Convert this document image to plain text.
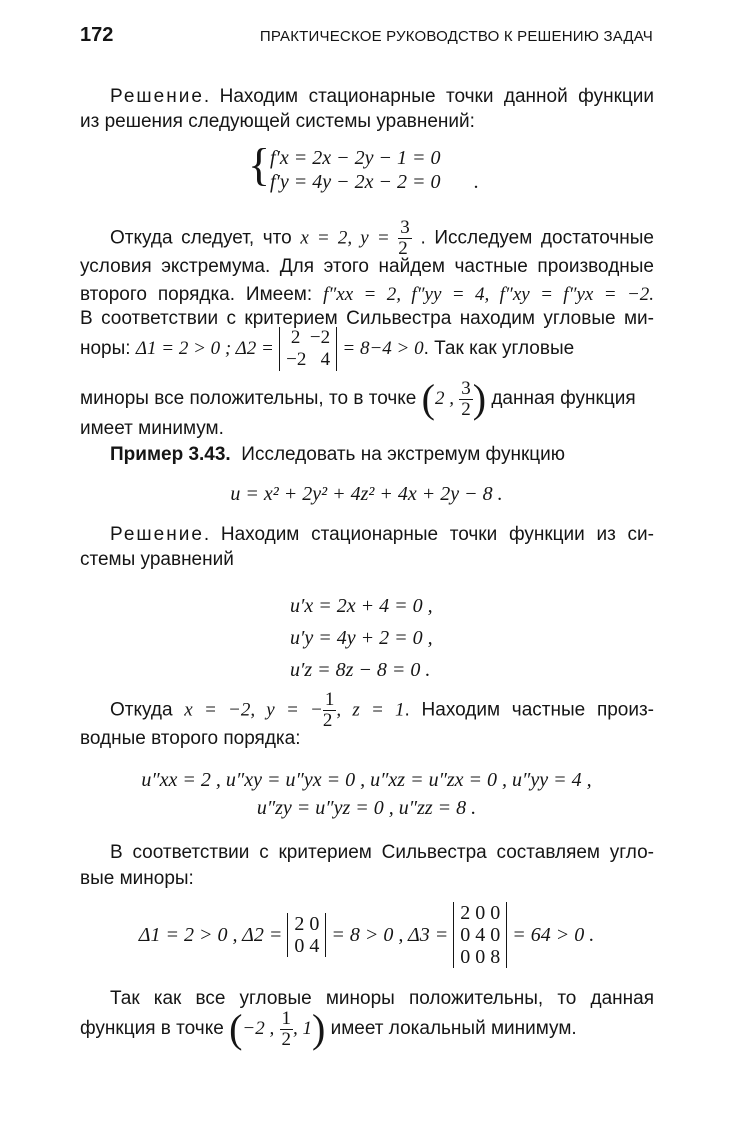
172	ПРАКТИЧЕСКОЕ РУКОВОДСТВО К РЕШЕНИЮ ЗАДАЧ
Решение. Находим стационарные точки данной функции
из решения следующей системы уравнений:
{ f′x = 2x − 2y − 1 = 0
f′y = 4y − 2x − 2 = 0 .
Откуда следует, что x = 2, $y = \frac{3}{2}$ . Исследуем достаточные
условия экстремума. Для этого найдем частные производные
второго порядка. Имеем: f″xx = 2, f″yy = 4, f″xy = f″yx = −2.
В соответствии с критерием Сильвестра находим угловые ми-
норы: Δ1 = 2 > 0 ; Δ2 =
2  −2
−2   4
= 8−4 > 0. Так как угловые
миноры все положительны, то в точке (2 , $\frac{3}{2}$ ) данная функция
имеет минимум.
Пример 3.43. Исследовать на экстремум функцию
u = x² + 2y² + 4z² + 4x + 2y − 8 .
Решение. Находим стационарные точки функции из си-
стемы уравнений
u′x = 2x + 4 = 0 ,
u′y = 4y + 2 = 0 ,
u′z = 8z − 8 = 0 .
Откуда x = −2, y = − $\frac{1}{2}$ , z = 1. Находим частные произ-
водные второго порядка:
u″xx = 2 , u″xy = u″yx = 0 , u″xz = u″zx = 0 , u″yy = 4 ,
u″zy = u″yz = 0 , u″zz = 8 .
В соответствии с критерием Сильвестра составляем угло-
вые миноры:
Δ1 = 2 > 0 , Δ2 = 2 0
0 4 = 8 > 0 , Δ3 =
2 0 0
0 4 0
0 0 8
= 64 > 0 .
Так как все угловые миноры положительны, то данная
функция в точке (−2 , $\frac{1}{2}$ , 1) имеет локальный минимум.
